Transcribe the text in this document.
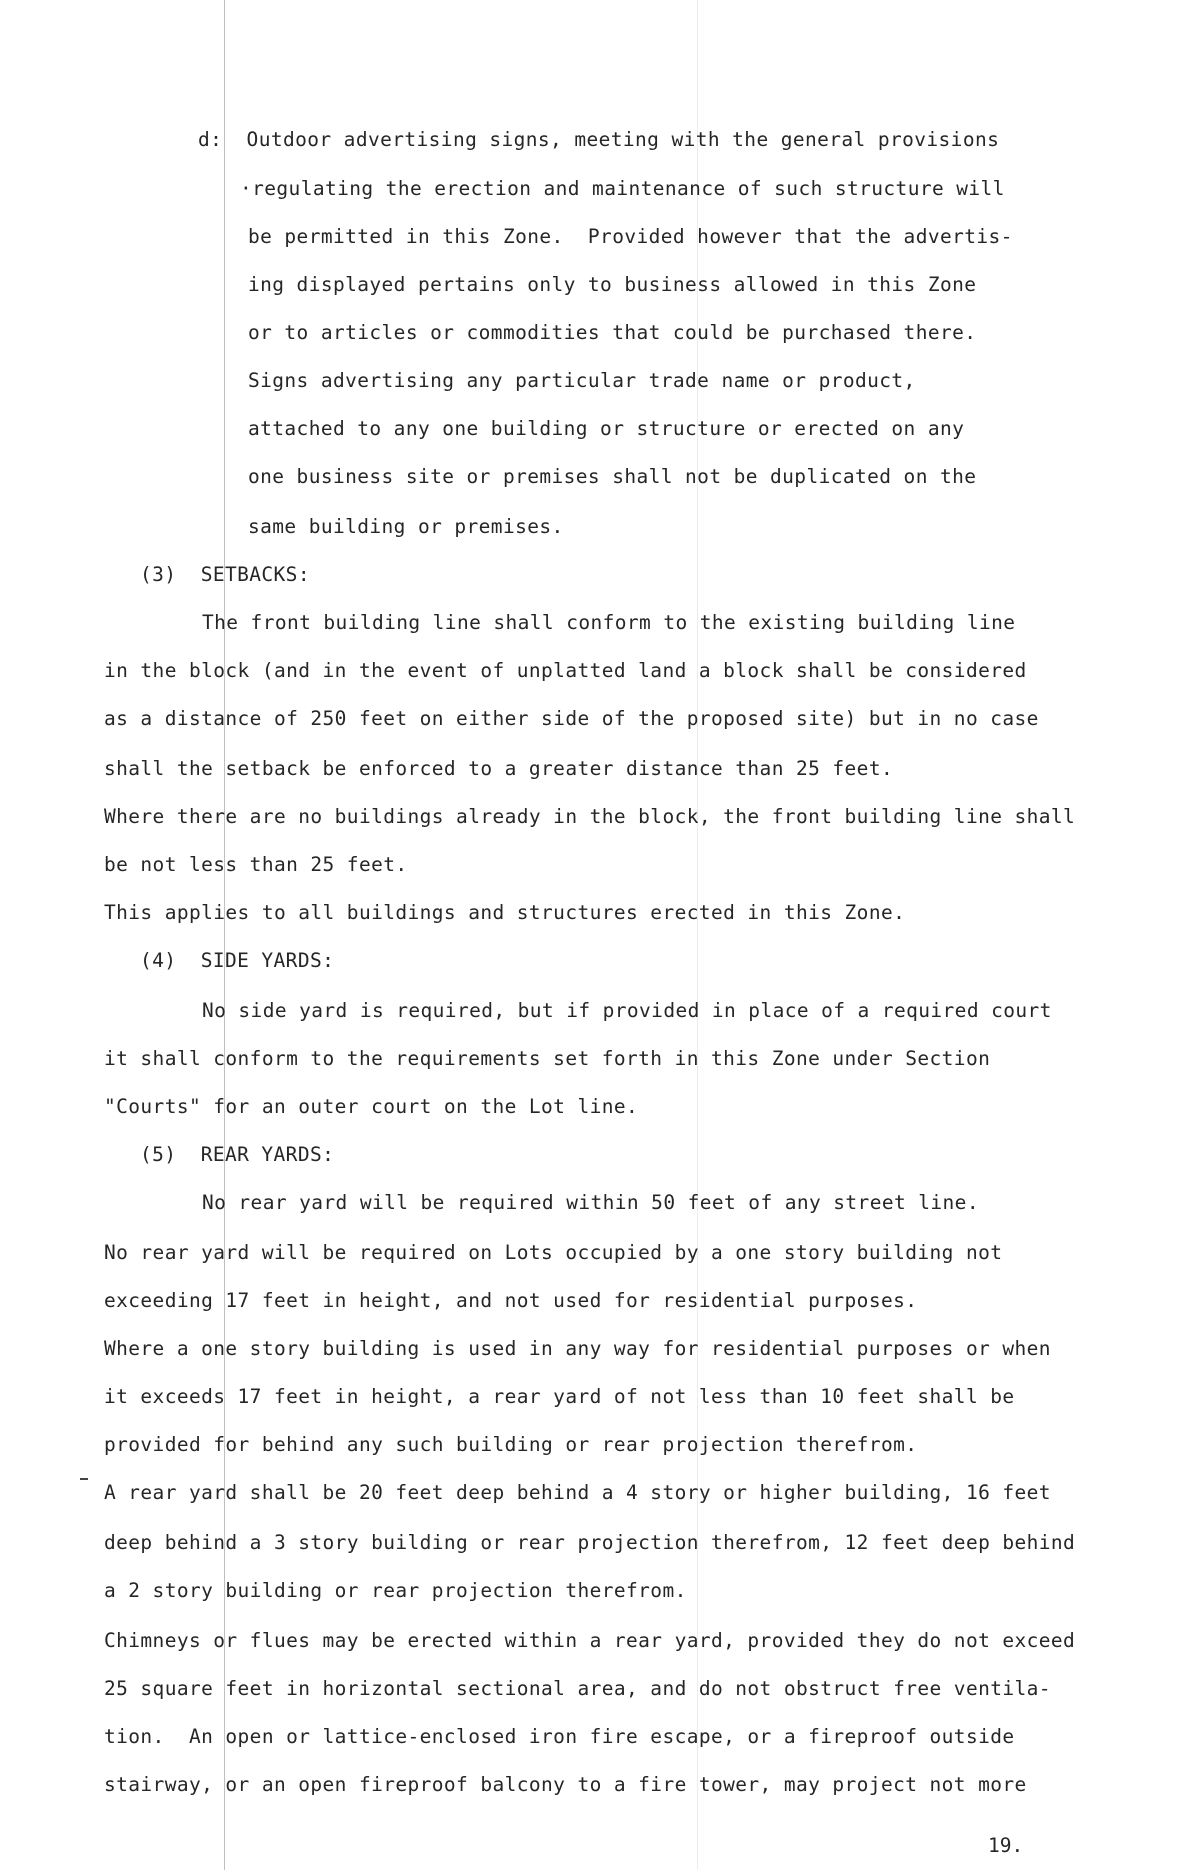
d:  Outdoor advertising signs, meeting with the general provisions
·regulating the erection and maintenance of such structure will
be permitted in this Zone.  Provided however that the advertis-
ing displayed pertains only to business allowed in this Zone
or to articles or commodities that could be purchased there.
Signs advertising any particular trade name or product,
attached to any one building or structure or erected on any
one business site or premises shall not be duplicated on the
same building or premises.
(3)  SETBACKS:
The front building line shall conform to the existing building line
in the block (and in the event of unplatted land a block shall be considered
as a distance of 250 feet on either side of the proposed site) but in no case
shall the setback be enforced to a greater distance than 25 feet.
Where there are no buildings already in the block, the front building line shall
be not less than 25 feet.
This applies to all buildings and structures erected in this Zone.
(4)  SIDE YARDS:
No side yard is required, but if provided in place of a required court
it shall conform to the requirements set forth in this Zone under Section
"Courts" for an outer court on the Lot line.
(5)  REAR YARDS:
No rear yard will be required within 50 feet of any street line.
No rear yard will be required on Lots occupied by a one story building not
exceeding 17 feet in height, and not used for residential purposes.
Where a one story building is used in any way for residential purposes or when
it exceeds 17 feet in height, a rear yard of not less than 10 feet shall be
provided for behind any such building or rear projection therefrom.
A rear yard shall be 20 feet deep behind a 4 story or higher building, 16 feet
deep behind a 3 story building or rear projection therefrom, 12 feet deep behind
a 2 story building or rear projection therefrom.
Chimneys or flues may be erected within a rear yard, provided they do not exceed
25 square feet in horizontal sectional area, and do not obstruct free ventila-
tion.  An open or lattice-enclosed iron fire escape, or a fireproof outside
stairway, or an open fireproof balcony to a fire tower, may project not more
19.
